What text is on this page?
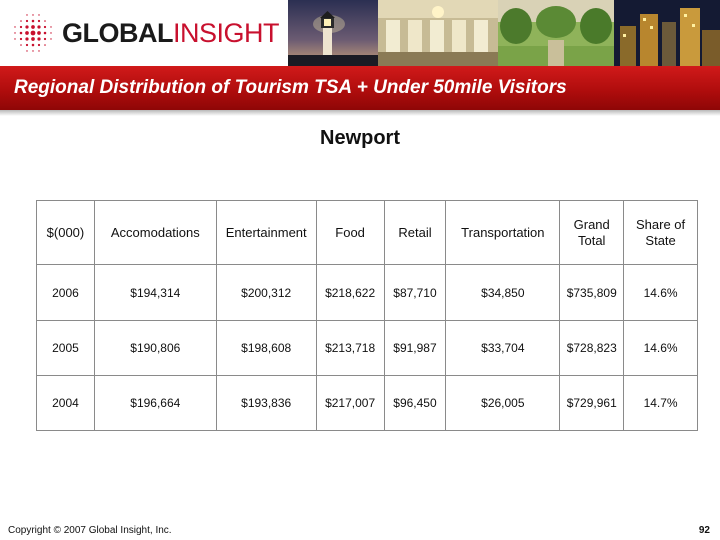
GLOBALINSIGHT
Regional Distribution of Tourism TSA + Under 50mile Visitors
Newport
$(000)	Accomodations	Entertainment	Food	Retail	Transportation	Grand Total	Share of State
2006	$194,314	$200,312	$218,622	$87,710	$34,850	$735,809	14.6%
2005	$190,806	$198,608	$213,718	$91,987	$33,704	$728,823	14.6%
2004	$196,664	$193,836	$217,007	$96,450	$26,005	$729,961	14.7%
Copyright © 2007 Global Insight, Inc.	92
